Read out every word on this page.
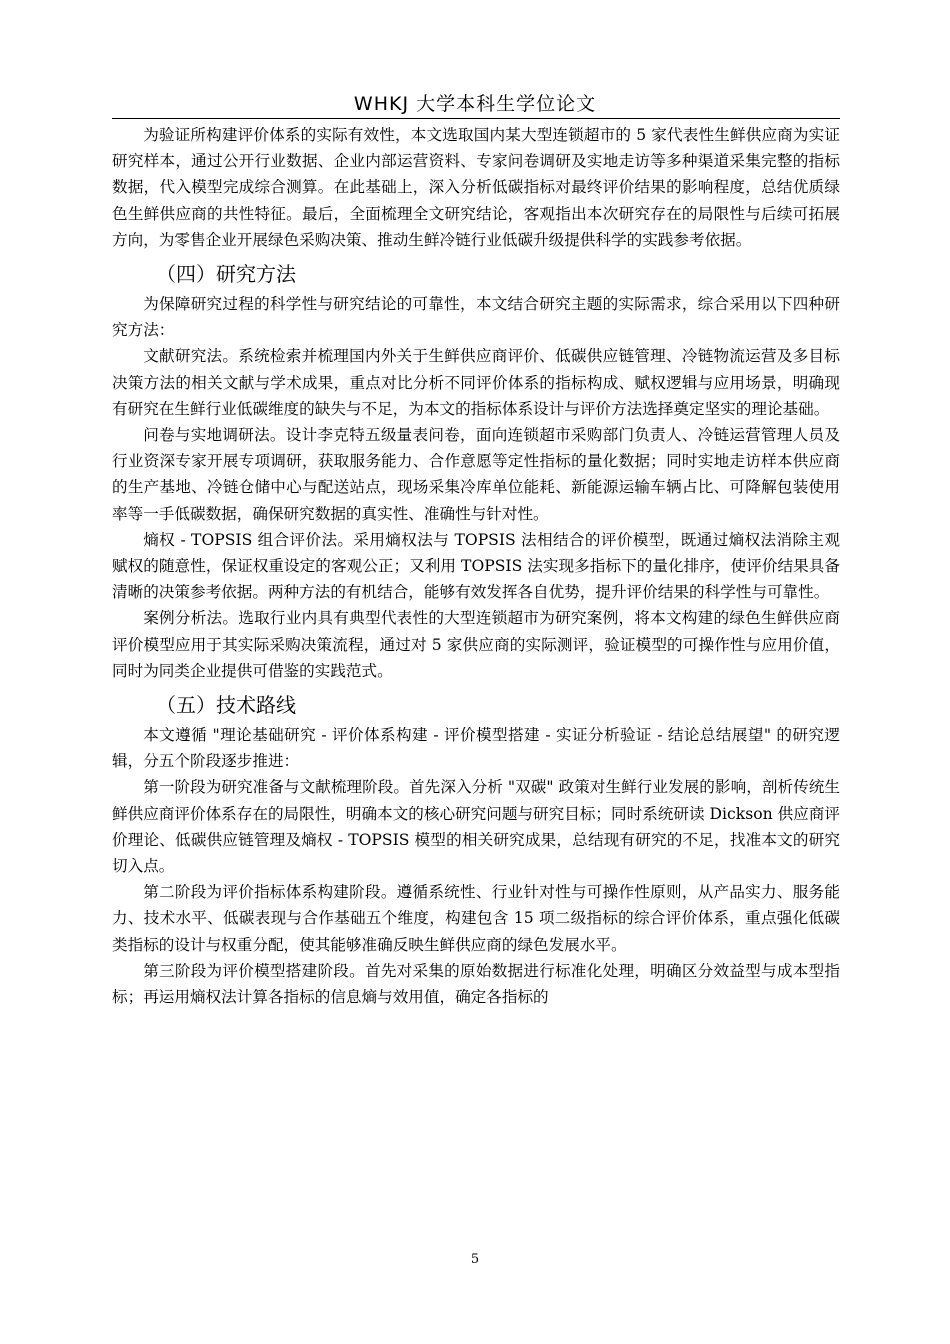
WHKJ 大学本科生学位论文

为验证所构建评价体系的实际有效性，本文选取国内某大型连锁超市的 5 家代表性生鲜供应商为实证研究样本，通过公开行业数据、企业内部运营资料、专家问卷调研及实地走访等多种渠道采集完整的指标数据，代入模型完成综合测算。在此基础上，深入分析低碳指标对最终评价结果的影响程度，总结优质绿色生鲜供应商的共性特征。最后，全面梳理全文研究结论，客观指出本次研究存在的局限性与后续可拓展方向，为零售企业开展绿色采购决策、推动生鲜冷链行业低碳升级提供科学的实践参考依据。

（四）研究方法

为保障研究过程的科学性与研究结论的可靠性，本文结合研究主题的实际需求，综合采用以下四种研究方法：

文献研究法。系统检索并梳理国内外关于生鲜供应商评价、低碳供应链管理、冷链物流运营及多目标决策方法的相关文献与学术成果，重点对比分析不同评价体系的指标构成、赋权逻辑与应用场景，明确现有研究在生鲜行业低碳维度的缺失与不足，为本文的指标体系设计与评价方法选择奠定坚实的理论基础。

问卷与实地调研法。设计李克特五级量表问卷，面向连锁超市采购部门负责人、冷链运营管理人员及行业资深专家开展专项调研，获取服务能力、合作意愿等定性指标的量化数据；同时实地走访样本供应商的生产基地、冷链仓储中心与配送站点，现场采集冷库单位能耗、新能源运输车辆占比、可降解包装使用率等一手低碳数据，确保研究数据的真实性、准确性与针对性。

熵权 - TOPSIS 组合评价法。采用熵权法与 TOPSIS 法相结合的评价模型，既通过熵权法消除主观赋权的随意性，保证权重设定的客观公正；又利用 TOPSIS 法实现多指标下的量化排序，使评价结果具备清晰的决策参考依据。两种方法的有机结合，能够有效发挥各自优势，提升评价结果的科学性与可靠性。

案例分析法。选取行业内具有典型代表性的大型连锁超市为研究案例，将本文构建的绿色生鲜供应商评价模型应用于其实际采购决策流程，通过对 5 家供应商的实际测评，验证模型的可操作性与应用价值，同时为同类企业提供可借鉴的实践范式。

（五）技术路线

本文遵循 "理论基础研究 - 评价体系构建 - 评价模型搭建 - 实证分析验证 - 结论总结展望" 的研究逻辑，分五个阶段逐步推进：

第一阶段为研究准备与文献梳理阶段。首先深入分析 "双碳" 政策对生鲜行业发展的影响，剖析传统生鲜供应商评价体系存在的局限性，明确本文的核心研究问题与研究目标；同时系统研读 Dickson 供应商评价理论、低碳供应链管理及熵权 - TOPSIS 模型的相关研究成果，总结现有研究的不足，找准本文的研究切入点。

第二阶段为评价指标体系构建阶段。遵循系统性、行业针对性与可操作性原则，从产品实力、服务能力、技术水平、低碳表现与合作基础五个维度，构建包含 15 项二级指标的综合评价体系，重点强化低碳类指标的设计与权重分配，使其能够准确反映生鲜供应商的绿色发展水平。

第三阶段为评价模型搭建阶段。首先对采集的原始数据进行标准化处理，明确区分效益型与成本型指标；再运用熵权法计算各指标的信息熵与效用值，确定各指标的

5
